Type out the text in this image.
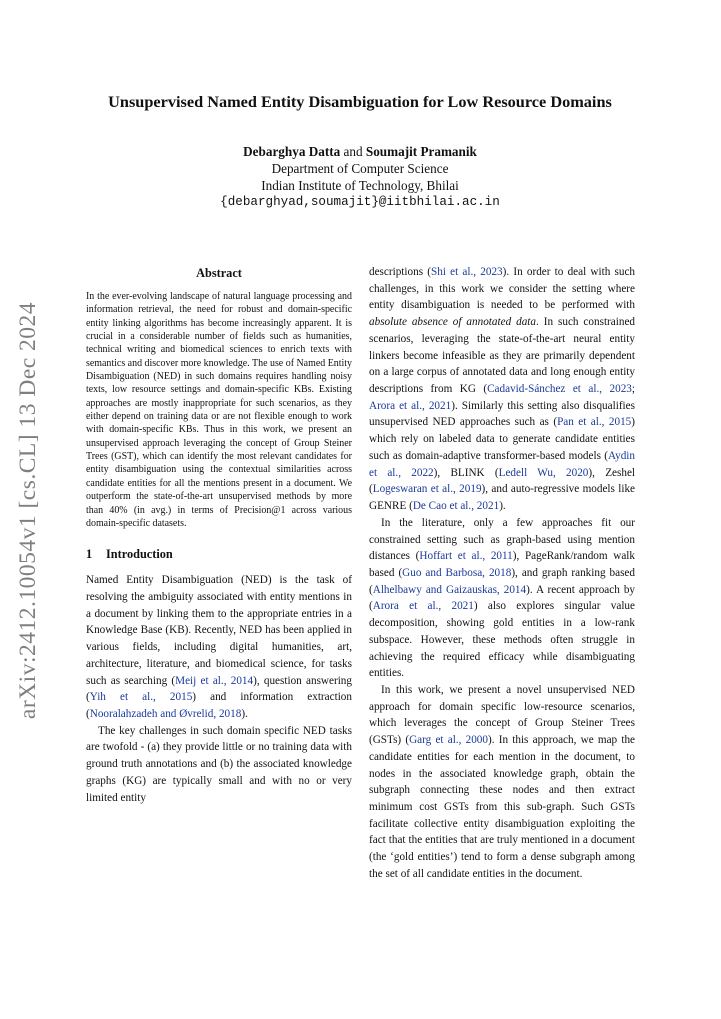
arXiv:2412.10054v1 [cs.CL] 13 Dec 2024
Unsupervised Named Entity Disambiguation for Low Resource Domains
Debarghya Datta and Soumajit Pramanik
Department of Computer Science
Indian Institute of Technology, Bhilai
{debarghyad,soumajit}@iitbhilai.ac.in
Abstract

In the ever-evolving landscape of natural language processing and information retrieval, the need for robust and domain-specific entity linking algorithms has become increasingly apparent. It is crucial in a considerable number of fields such as humanities, technical writing and biomedical sciences to enrich texts with semantics and discover more knowledge. The use of Named Entity Disambiguation (NED) in such domains requires handling noisy texts, low resource settings and domain-specific KBs. Existing approaches are mostly inappropriate for such scenarios, as they either depend on training data or are not flexible enough to work with domain-specific KBs. Thus in this work, we present an unsupervised approach leveraging the concept of Group Steiner Trees (GST), which can identify the most relevant candidates for entity disambiguation using the contextual similarities across candidate entities for all the mentions present in a document. We outperform the state-of-the-art unsupervised methods by more than 40% (in avg.) in terms of Precision@1 across various domain-specific datasets.

1 Introduction

Named Entity Disambiguation (NED) is the task of resolving the ambiguity associated with entity mentions in a document by linking them to the appropriate entries in a Knowledge Base (KB). Recently, NED has been applied in various fields, including digital humanities, art, architecture, literature, and biomedical science, for tasks such as searching (Meij et al., 2014), question answering (Yih et al., 2015) and information extraction (Nooralahzadeh and Øvrelid, 2018).

The key challenges in such domain specific NED tasks are twofold - (a) they provide little or no training data with ground truth annotations and (b) the associated knowledge graphs (KG) are typically small and with no or very limited entity

descriptions (Shi et al., 2023). In order to deal with such challenges, in this work we consider the setting where entity disambiguation is needed to be performed with absolute absence of annotated data. In such constrained scenarios, leveraging the state-of-the-art neural entity linkers become infeasible as they are primarily dependent on a large corpus of annotated data and long enough entity descriptions from KG (Cadavid-Sánchez et al., 2023; Arora et al., 2021). Similarly this setting also disqualifies unsupervised NED approaches such as (Pan et al., 2015) which rely on labeled data to generate candidate entities such as domain-adaptive transformer-based models (Aydin et al., 2022), BLINK (Ledell Wu, 2020), Zeshel (Logeswaran et al., 2019), and auto-regressive models like GENRE (De Cao et al., 2021).

In the literature, only a few approaches fit our constrained setting such as graph-based using mention distances (Hoffart et al., 2011), PageRank/random walk based (Guo and Barbosa, 2018), and graph ranking based (Alhelbawy and Gaizauskas, 2014). A recent approach by (Arora et al., 2021) also explores singular value decomposition, showing gold entities in a low-rank subspace. However, these methods often struggle in achieving the required efficacy while disambiguating entities.

In this work, we present a novel unsupervised NED approach for domain specific low-resource scenarios, which leverages the concept of Group Steiner Trees (GSTs) (Garg et al., 2000). In this approach, we map the candidate entities for each mention in the document, to nodes in the associated knowledge graph, obtain the subgraph connecting these nodes and then extract minimum cost GSTs from this sub-graph. Such GSTs facilitate collective entity disambiguation exploiting the fact that the entities that are truly mentioned in a document (the ‘gold entities’) tend to form a dense subgraph among the set of all candidate entities in the document.
